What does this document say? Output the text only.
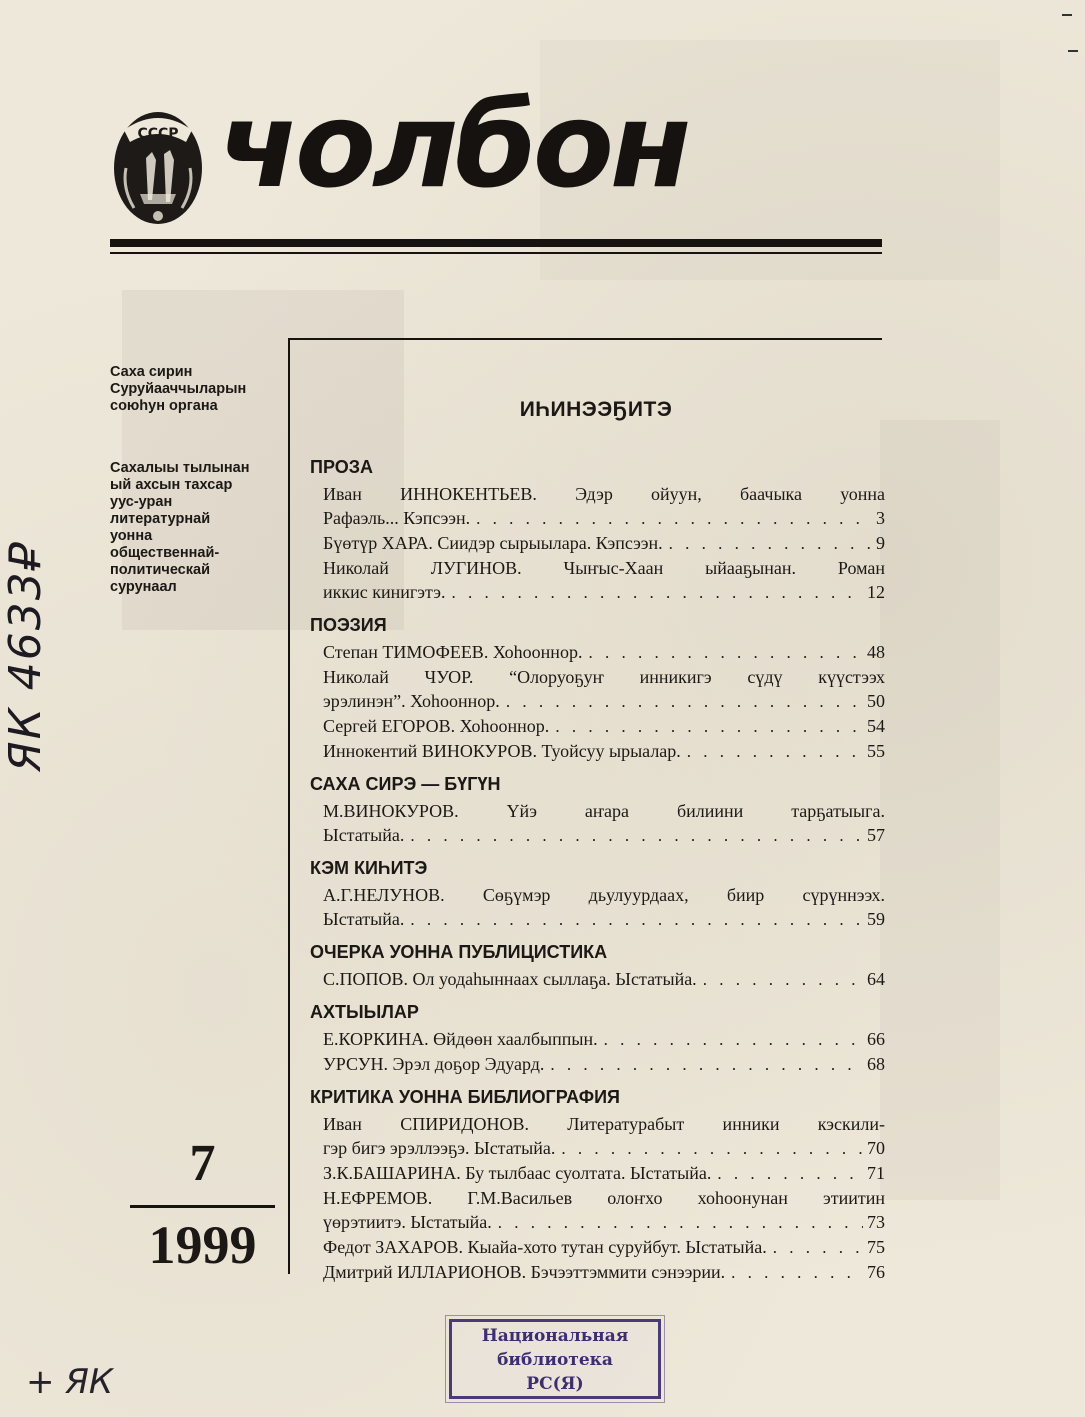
СССР чолбон
Саха сирин
Суруйааччыларын
союһун органа
Сахалыы тылынан
ый ахсын тахсар
уус-уран
литературнай
уонна
общественнай-
политическай
сурунаал
7
1999
ИҺИНЭЭҔИТЭ
ПРОЗА
Иван ИННОКЕНТЬЕВ. Эдэр ойуун, баачыка уонна
Рафаэль... Кэпсээн. . . .	3
Бүөтүр ХАРА. Сиидэр сырыылара. Кэпсээн. . . .	9
Николай ЛУГИНОВ. Чыҥыс-Хаан ыйааҕынан. Роман
иккис кинигэтэ. . . .	12
ПОЭЗИЯ
Степан ТИМОФЕЕВ. Хоһооннор. . . .	48
Николай ЧУОР. “Олоруоҕуҥ инникигэ сүдү күүстээх
эрэлинэн”. Хоһооннор. . . .	50
Сергей ЕГОРОВ. Хоһооннор. . . .	54
Иннокентий ВИНОКУРОВ. Туойсуу ырыалар. . . .	55
САХА СИРЭ — БҮГҮН
М.ВИНОКУРОВ. Үйэ аҥара билиини тарҕатыыга.
Ыстатыйа. . . .	57
КЭМ КИҺИТЭ
А.Г.НЕЛУНОВ. Сөҕүмэр дьулуурдаах, биир сүрүннээх.
Ыстатыйа. . . .	59
ОЧЕРКА УОННА ПУБЛИЦИСТИКА
С.ПОПОВ. Ол уодаһыннаах сыллаҕа. Ыстатыйа. . . .	64
АХТЫЫЛАР
Е.КОРКИНА. Өйдөөн хаалбыппын. . . .	66
УРСУН. Эрэл доҕор Эдуард. . . .	68
КРИТИКА УОННА БИБЛИОГРАФИЯ
Иван СПИРИДОНОВ. Литературабыт инники кэскили-
гэр бигэ эрэллээҕэ. Ыстатыйа. . . .	70
З.К.БАШАРИНА. Бу тылбаас суолтата. Ыстатыйа. . . .	71
Н.ЕФРЕМОВ. Г.М.Васильев олоҥхо хоһоонунан этиитин
үөрэтиитэ. Ыстатыйа. . . .	73
Федот ЗАХАРОВ. Кыайа-хото тутан суруйбут. Ыстатыйа. . . .	75
Дмитрий ИЛЛАРИОНОВ. Бэчээттэммити сэнээрии. . . .	76
Национальная
библиотека
РС(Я)
ЯК 4633₽
+ ЯК
